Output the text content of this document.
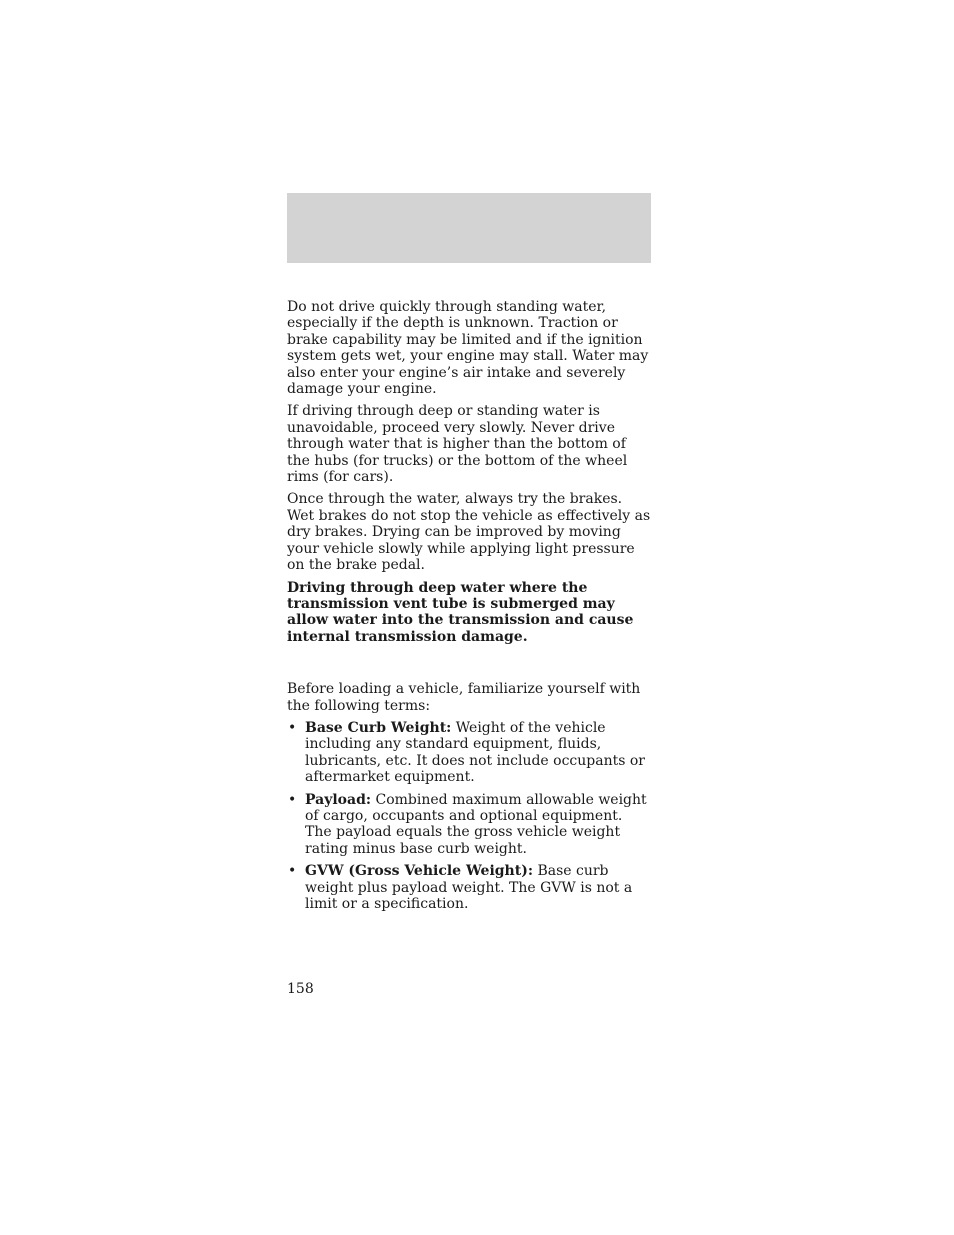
Do not drive quickly through standing water, especially if the depth is unknown. Traction or brake capability may be limited and if the ignition system gets wet, your engine may stall. Water may also enter your engine’s air intake and severely damage your engine.

If driving through deep or standing water is unavoidable, proceed very slowly. Never drive through water that is higher than the bottom of the hubs (for trucks) or the bottom of the wheel rims (for cars).

Once through the water, always try the brakes. Wet brakes do not stop the vehicle as effectively as dry brakes. Drying can be improved by moving your vehicle slowly while applying light pressure on the brake pedal.

Driving through deep water where the transmission vent tube is submerged may allow water into the transmission and cause internal transmission damage.

Before loading a vehicle, familiarize yourself with the following terms:

• Base Curb Weight: Weight of the vehicle including any standard equipment, fluids, lubricants, etc. It does not include occupants or aftermarket equipment.
• Payload: Combined maximum allowable weight of cargo, occupants and optional equipment. The payload equals the gross vehicle weight rating minus base curb weight.
• GVW (Gross Vehicle Weight): Base curb weight plus payload weight. The GVW is not a limit or a specification.
158
